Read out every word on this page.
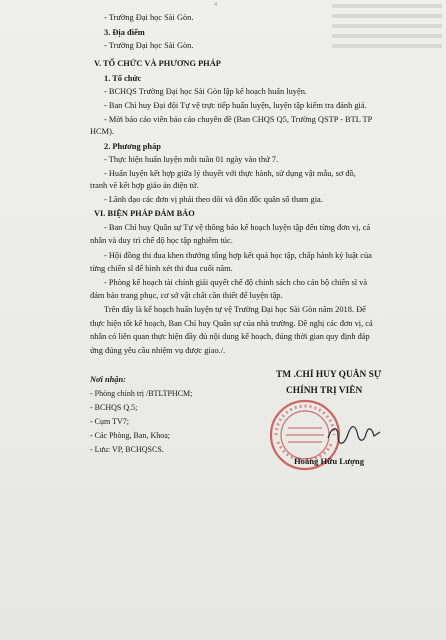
4
- Trường Đại học Sài Gòn.
3. Địa điểm
- Trường Đại học Sài Gòn.
V. TỔ CHỨC VÀ PHƯƠNG PHÁP
1. Tổ chức
- BCHQS Trường Đại học Sài Gòn lập kế hoạch huấn luyện.
- Ban Chỉ huy Đại đội Tự vệ trực tiếp huấn luyện, luyện tập kiểm tra đánh giá.
- Mời báo cáo viên báo cáo chuyên đề (Ban CHQS Q5, Trường QSTP - BTL TP
HCM).
2. Phương pháp
- Thực hiện huấn luyện mỗi tuần 01 ngày vào thứ 7.
- Huấn luyện kết hợp giữa lý thuyết với thực hành, sử dụng vật mẫu, sơ đồ,
tranh vẽ kết hợp giáo án điện tử.
- Lãnh đạo các đơn vị phải theo dõi và đôn đốc quân số tham gia.
VI. BIỆN PHÁP ĐẢM BẢO
- Ban Chỉ huy Quân sự Tự vệ thông báo kế hoạch luyện tập đến từng đơn vị, cá
nhân và duy trì chế độ học tập nghiêm túc.
- Hội đồng thi đua khen thưởng tổng hợp kết quả học tập, chấp hành kỷ luật của
từng chiến sĩ để bình xét thi đua cuối năm.
- Phòng kế hoạch tài chính giải quyết chế độ chính sách cho cán bộ chiến sĩ và
đảm bảo trang phục, cơ sở vật chất cần thiết để luyện tập.
Trên đây là kế hoạch huấn luyện tự vệ Trường Đại học Sài Gòn năm 2018. Để
thực hiện tốt kế hoạch, Ban Chỉ huy Quân sự của nhà trường. Đề nghị các đơn vị, cá
nhân có liên quan thực hiện đầy đủ nội dung kế hoạch, đúng thời gian quy định đáp
ứng đúng yêu cầu nhiệm vụ được giao./.
Nơi nhận:
- Phòng chính trị /BTLTPHCM;
- BCHQS Q.5;
- Cụm TV7;
- Các Phòng, Ban, Khoa;
- Lưu: VP, BCHQSCS.
TM .CHỈ HUY QUÂN SỰ
CHÍNH TRỊ VIÊN
Hoàng Hữu Lượng
